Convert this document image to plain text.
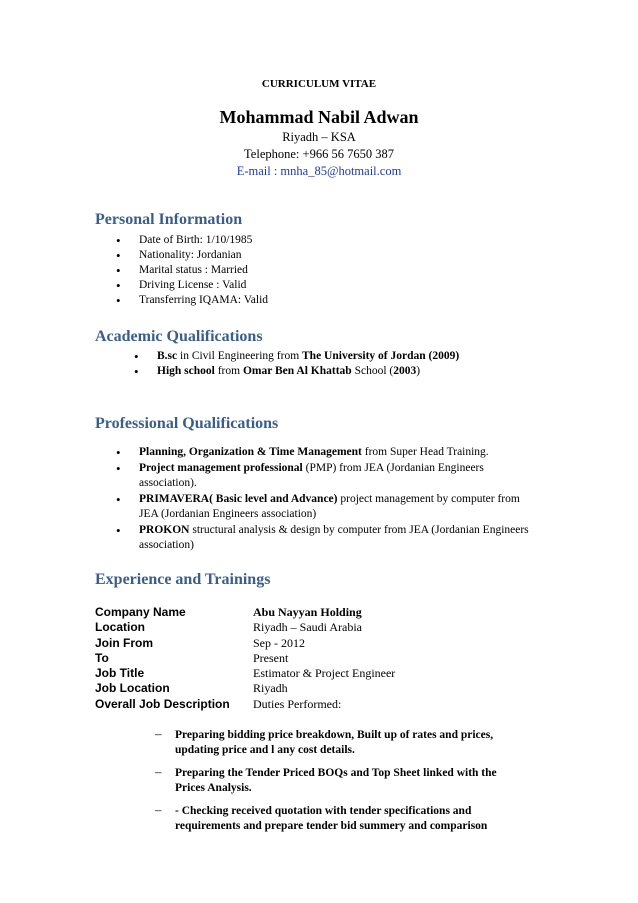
CURRICULUM VITAE
Mohammad Nabil Adwan
Riyadh – KSA
Telephone: +966 56 7650 387
E-mail : mnha_85@hotmail.com
Personal Information
• Date of Birth: 1/10/1985
• Nationality: Jordanian
• Marital status : Married
• Driving License : Valid
• Transferring IQAMA: Valid
Academic Qualifications
• B.sc in Civil Engineering from The University of Jordan (2009)
• High school from Omar Ben Al Khattab School (2003)
Professional Qualifications
• Planning, Organization & Time Management from Super Head Training.
• Project management professional (PMP) from JEA (Jordanian Engineers association).
• PRIMAVERA( Basic level and Advance) project management by computer from JEA (Jordanian Engineers association)
• PROKON structural analysis & design by computer from JEA (Jordanian Engineers association)
Experience and Trainings
Company Name	Abu Nayyan Holding
Location	Riyadh – Saudi Arabia
Join From	Sep - 2012
To	Present
Job Title	Estimator & Project Engineer
Job Location	Riyadh
Overall Job Description	Duties Performed:
– Preparing bidding price breakdown, Built up of rates and prices, updating price and l any cost details.
– Preparing the Tender Priced BOQs and Top Sheet linked with the Prices Analysis.
– - Checking received quotation with tender specifications and requirements and prepare tender bid summery and comparison
